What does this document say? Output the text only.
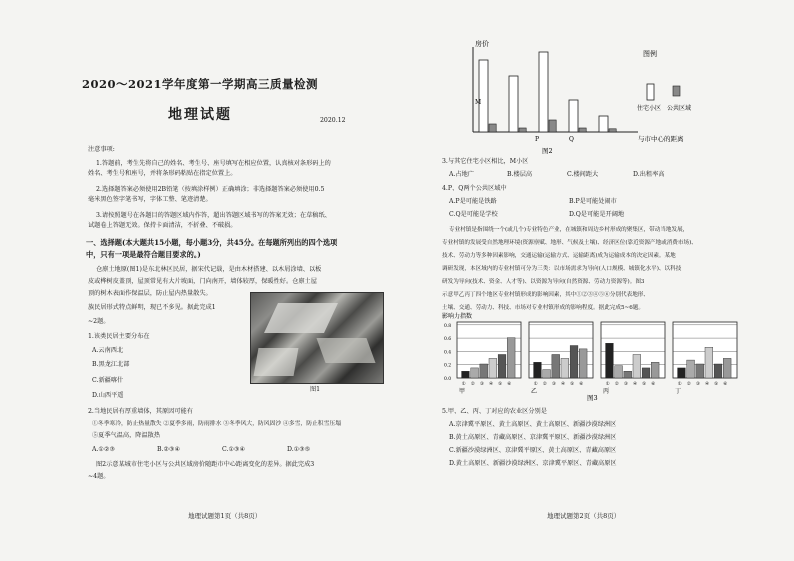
2020～2021学年度第一学期高三质量检测
地理试题	2020.12
注意事项:
1.答题前，考生先将自己的姓名、考生号、座号填写在相应位置，认真核对条形码上的
姓名、考生号和座号，并将条形码粘贴在指定位置上。
2.选择题答案必须使用2B铅笔（按填涂样例）正确填涂；非选择题答案必须使用0.5
毫米黑色签字笔书写，字体工整、笔迹清楚。
3.请按照题号在各题目的答题区域内作答，超出答题区域书写的答案无效；在草稿纸、
试题卷上答题无效。保持卡面清洁，不折叠、不破损。
一、选择题(本大题共15小题，每小题3分，共45分。在每题所列出的四个选项
中，只有一项是最符合题目要求的。)
仓廪土地原(图1)是东北林区民居，据宋代记载，是由木材搭建、以木屑涂墙、以板
皮或桦树皮盖顶，屋顶常见有大片坡面，门向南开，墙体较厚，保暖性好。仓廪土屋
顶的树木表面作保温层，防止屋内热量散失。
族民居形式特点鲜明，现已不多见。据此完成1
~2题。
1.该类民居主要分布在
A.云南西北
B.黑龙江北部
C.新疆喀什
D.山西平遥
图1
2.当地民居有厚重墙体，其原因可能有
①冬季寒冷，防止热量散失 ②夏季多雨，防雨排水 ③冬季风大，防风固沙 ④多雪，防止积雪压塌
⑤夏季气温高，降温散热
A.①②③	B.②③④	C.①③④	D.①③⑤
图2示意某城市住宅小区与公共区域房价随距市中心距离变化的差异。据此完成3
~4题。
地理试题第1页（共8页）
房价
与市中心的距离
M
P	Q
图2
图例
住宅小区 公共区域
3.与其它住宅小区相比，M小区
A.占地广	B.楼层高	C.楼间距大	D.出租率高
4.P、Q两个公共区域中
A.P是可能是铁路	B.P是可能处闹市
C.Q是可能是学校	D.Q是可能是开阔地
专业村镇是指围绕一个(或几个)专业特色产业，在城镇和周边乡村形成的聚集区，带动当地发展，
专业村镇的发展受自然地理环境(资源禀赋、地形、气候及土壤)、经济区位(靠近资源产地或消费市场)、
技术、劳动力等多种因素影响，交通运输(运输方式、运输距离)成为运输成本的决定因素。某地
调研发现，本区域内的专业村镇可分为三类：以市场需求为导向(人口规模、城镇化水平)、以科技
研发为导向(技术、资金、人才等)、以资源为导向(自然资源、劳动力资源等)。图3
示意甲乙丙丁四个地区专业村镇形成的影响因素，其中①②③④⑤⑥分别代表地形、
土壤、交通、劳动力、科技、市场对专业村镇形成的影响程度。据此完成5~6题。
影响力指数
0.0
0.2
0.4
0.6
0.8
① ② ③ ④ ⑤ ⑥
甲
① ② ③ ④ ⑤ ⑥
乙
① ② ③ ④ ⑤ ⑥
丙
① ② ③ ④ ⑤ ⑥
丁
图3
5.甲、乙、丙、丁对应的农业区分别是
A.京津冀平原区、黄土高原区、黄土高原区、新疆沙漠绿洲区
B.黄土高原区、青藏高原区、京津冀平原区、新疆沙漠绿洲区
C.新疆沙漠绿洲区、京津冀平原区、黄土高原区、青藏高原区
D.黄土高原区、新疆沙漠绿洲区、京津冀平原区、青藏高原区
地理试题第2页（共8页）
